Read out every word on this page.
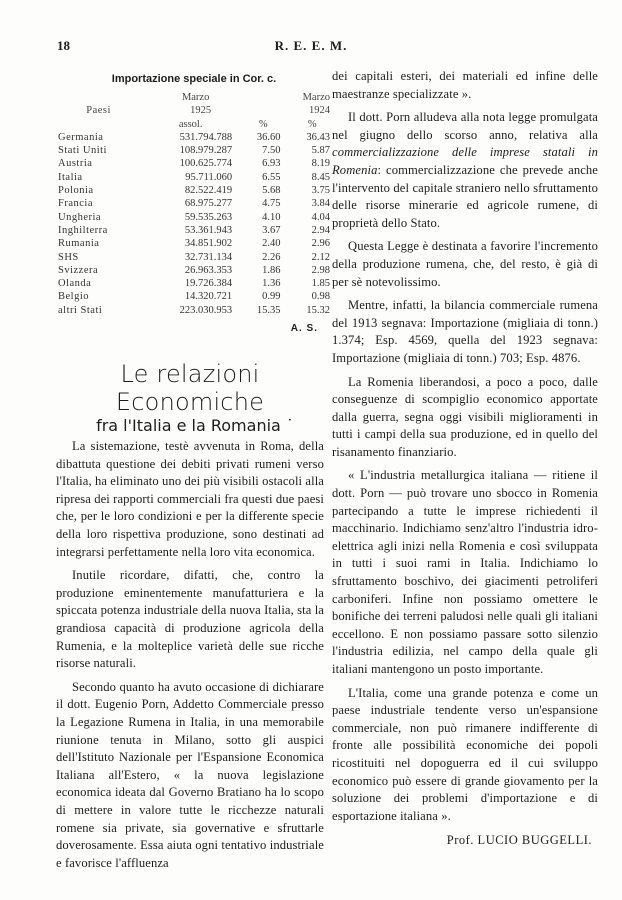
18	R. E. E. M.
Importazione speciale in Cor. c.
	Marzo		Marzo
Paesi	1925		1924
	assol.	%	%
Germania	531.794.788	36.60	36.43
Stati Uniti	108.979.287	7.50	5.87
Austria	100.625.774	6.93	8.19
Italia	95.711.060	6.55	8.45
Polonia	82.522.419	5.68	3.75
Francia	68.975.277	4.75	3.84
Ungheria	59.535.263	4.10	4.04
Inghilterra	53.361.943	3.67	2.94
Rumania	34.851.902	2.40	2.96
SHS	32.731.134	2.26	2.12
Svizzera	26.963.353	1.86	2.98
Olanda	19.726.384	1.36	1.85
Belgio	14.320.721	0.99	0.98
altri Stati	223.030.953	15.35	15.32
A. S.
Le relazioni Economiche
fra l'Italia e la Romania ˙

La sistemazione, testè avvenuta in Roma, della dibattuta questione dei debiti privati rumeni verso l'Italia, ha eliminato uno dei più visibili ostacoli alla ripresa dei rapporti commerciali fra questi due paesi che, per le loro condizioni e per la differente specie della loro rispettiva produzione, sono destinati ad integrarsi perfettamente nella loro vita economica.

Inutile ricordare, difatti, che, contro la produzione eminentemente manufatturiera e la spiccata potenza industriale della nuova Italia, sta la grandiosa capacità di produzione agricola della Rumenia, e la molteplice varietà delle sue ricche risorse naturali.

Secondo quanto ha avuto occasione di dichiarare il dott. Eugenio Porn, Addetto Commerciale presso la Legazione Rumena in Italia, in una memorabile riunione tenuta in Milano, sotto gli auspici dell'Istituto Nazionale per l'Espansione Economica Italiana all'Estero, « la nuova legislazione economica ideata dal Governo Bratiano ha lo scopo di mettere in valore tutte le ricchezze naturali romene sia private, sia governative e sfruttarle doverosamente. Essa aiuta ogni tentativo industriale e favorisce l'affluenza

dei capitali esteri, dei materiali ed infine delle maestranze specializzate ».

Il dott. Porn alludeva alla nota legge promulgata nel giugno dello scorso anno, relativa alla commercializzazione delle imprese statali in Romenia: commercializzazione che prevede anche l'intervento del capitale straniero nello sfruttamento delle risorse minerarie ed agricole rumene, di proprietà dello Stato.

Questa Legge è destinata a favorire l'incremento della produzione rumena, che, del resto, è già di per sè notevolissimo.

Mentre, infatti, la bilancia commerciale rumena del 1913 segnava: Importazione (migliaia di tonn.) 1.374; Esp. 4569, quella del 1923 segnava: Importazione (migliaia di tonn.) 703; Esp. 4876.

La Romenia liberandosi, a poco a poco, dalle conseguenze di scompiglio economico apportate dalla guerra, segna oggi visibili miglioramenti in tutti i campi della sua produzione, ed in quello del risanamento finanziario.

« L'industria metallurgica italiana — ritiene il dott. Porn — può trovare uno sbocco in Romenia partecipando a tutte le imprese richiedenti il macchinario. Indichiamo senz'altro l'industria idro-elettrica agli inizi nella Romenia e così sviluppata in tutti i suoi rami in Italia. Indichiamo lo sfruttamento boschivo, dei giacimenti petroliferi carboniferi. Infine non possiamo omettere le bonifiche dei terreni paludosi nelle quali gli italiani eccellono. E non possiamo passare sotto silenzio l'industria edilizia, nel campo della quale gli italiani mantengono un posto importante.

L'Italia, come una grande potenza e come un paese industriale tendente verso un'espansione commerciale, non può rimanere indifferente di fronte alle possibilità economiche dei popoli ricostituiti nel dopoguerra ed il cui sviluppo economico può essere di grande giovamento per la soluzione dei problemi d'importazione e di esportazione italiana ».

Prof. LUCIO BUGGELLI.
